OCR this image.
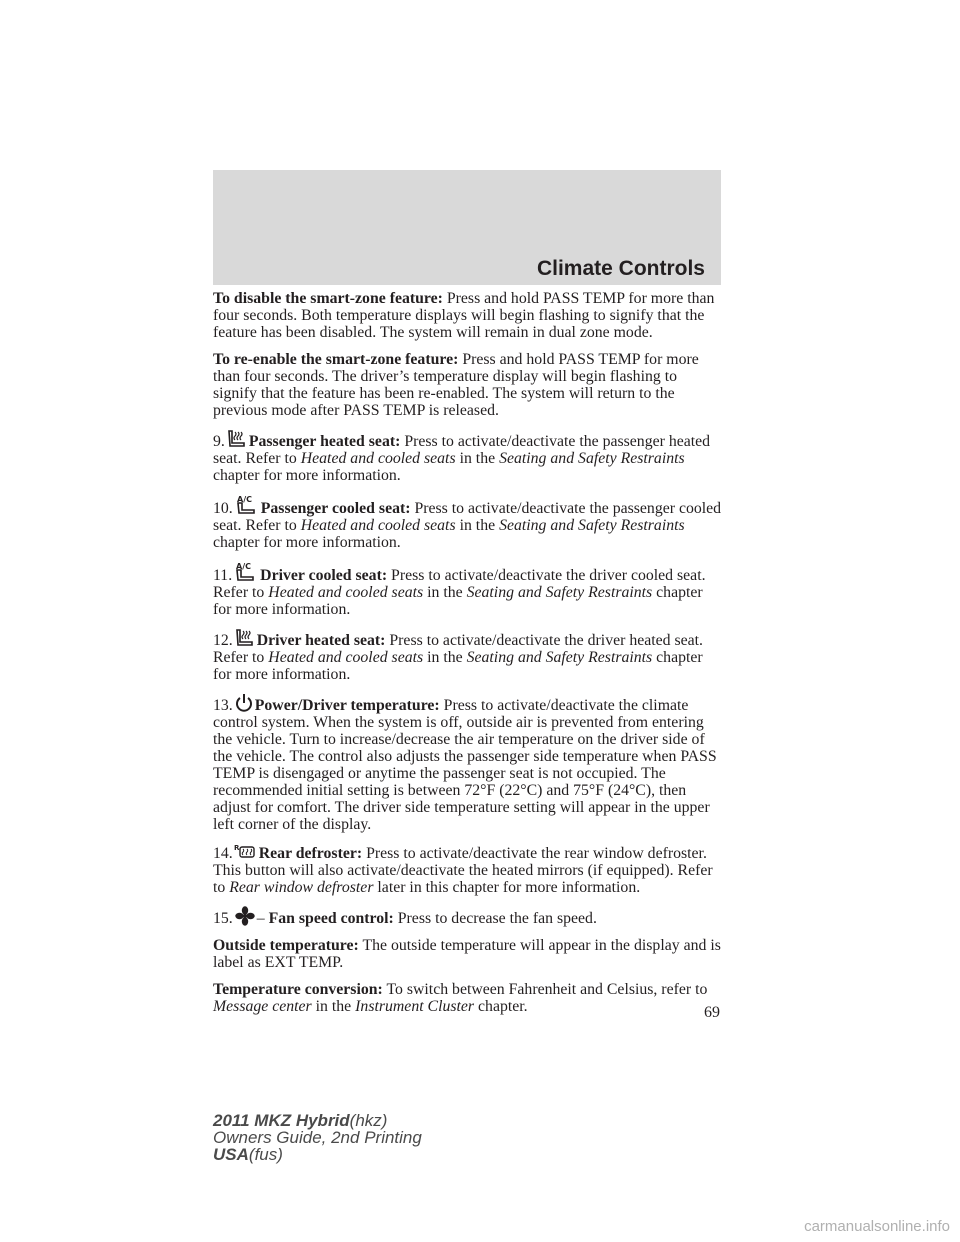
Climate Controls

To disable the smart-zone feature: Press and hold PASS TEMP for more than four seconds. Both temperature displays will begin flashing to signify that the feature has been disabled. The system will remain in dual zone mode.

To re-enable the smart-zone feature: Press and hold PASS TEMP for more than four seconds. The driver’s temperature display will begin flashing to signify that the feature has been re-enabled. The system will return to the previous mode after PASS TEMP is released.

9. Passenger heated seat: Press to activate/deactivate the passenger heated seat. Refer to Heated and cooled seats in the Seating and Safety Restraints chapter for more information.

10.
A/C
Passenger cooled seat: Press to activate/deactivate the passenger cooled seat. Refer to Heated and cooled seats in the Seating and Safety Restraints chapter for more information.

11.
A/C
Driver cooled seat: Press to activate/deactivate the driver cooled seat. Refer to Heated and cooled seats in the Seating and Safety Restraints chapter for more information.

12. Driver heated seat: Press to activate/deactivate the driver heated seat. Refer to Heated and cooled seats in the Seating and Safety Restraints chapter for more information.

13. Power/Driver temperature: Press to activate/deactivate the climate control system. When the system is off, outside air is prevented from entering the vehicle. Turn to increase/decrease the air temperature on the driver side of the vehicle. The control also adjusts the passenger side temperature when PASS TEMP is disengaged or anytime the passenger seat is not occupied. The recommended initial setting is between 72°F (22°C) and 75°F (24°C), then adjust for comfort. The driver side temperature setting will appear in the upper left corner of the display.

14. R Rear defroster: Press to activate/deactivate the rear window defroster. This button will also activate/deactivate the heated mirrors (if equipped). Refer to Rear window defroster later in this chapter for more information.

15. – Fan speed control: Press to decrease the fan speed.

Outside temperature: The outside temperature will appear in the display and is label as EXT TEMP.

Temperature conversion: To switch between Fahrenheit and Celsius, refer to Message center in the Instrument Cluster chapter.	69
2011 MKZ Hybrid(hkz)
Owners Guide, 2nd Printing
USA(fus)
carmanualsonline.info
